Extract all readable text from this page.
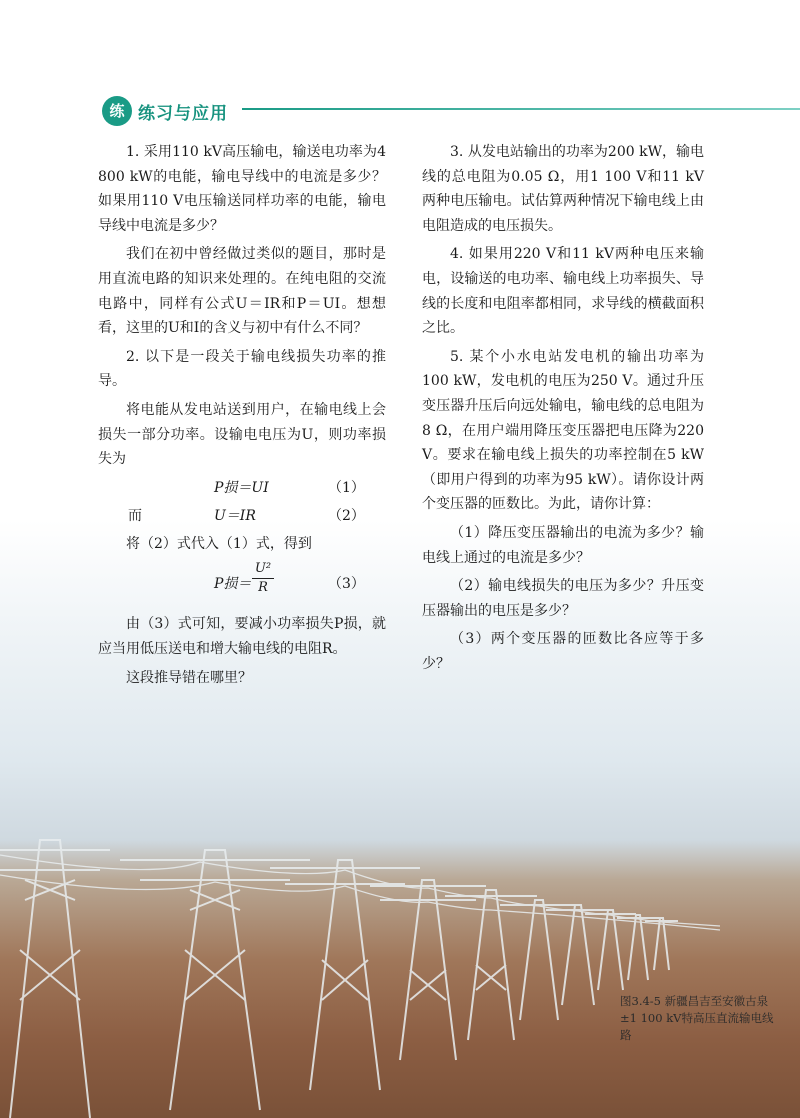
练 练习与应用

1. 采用110 kV高压输电，输送电功率为4 800 kW的电能，输电导线中的电流是多少？如果用110 V电压输送同样功率的电能，输电导线中电流是多少？

我们在初中曾经做过类似的题目，那时是用直流电路的知识来处理的。在纯电阻的交流电路中，同样有公式U＝IR和P＝UI。想想看，这里的U和I的含义与初中有什么不同？

2. 以下是一段关于输电线损失功率的推导。

将电能从发电站送到用户，在输电线上会损失一部分功率。设输电电压为U，则功率损失为

P损＝UI	（1）
而	U＝IR	（2）

将（2）式代入（1）式，得到

P损＝ $\frac{\text{U²}}{R}$	（3）

由（3）式可知，要减小功率损失P损，就应当用低压送电和增大输电线的电阻R。

这段推导错在哪里？

3. 从发电站输出的功率为200 kW，输电线的总电阻为0.05 Ω，用1 100 V和11 kV两种电压输电。试估算两种情况下输电线上由电阻造成的电压损失。

4. 如果用220 V和11 kV两种电压来输电，设输送的电功率、输电线上功率损失、导线的长度和电阻率都相同，求导线的横截面积之比。

5. 某个小水电站发电机的输出功率为100 kW，发电机的电压为250 V。通过升压变压器升压后向远处输电，输电线的总电阻为8 Ω，在用户端用降压变压器把电压降为220 V。要求在输电线上损失的功率控制在5 kW（即用户得到的功率为95 kW）。请你设计两个变压器的匝数比。为此，请你计算：

（1）降压变压器输出的电流为多少？输电线上通过的电流是多少？

（2）输电线损失的电压为多少？升压变压器输出的电压是多少？

（3）两个变压器的匝数比各应等于多少？

图3.4-5 新疆昌吉至安徽古泉±1 100 kV特高压直流输电线路
